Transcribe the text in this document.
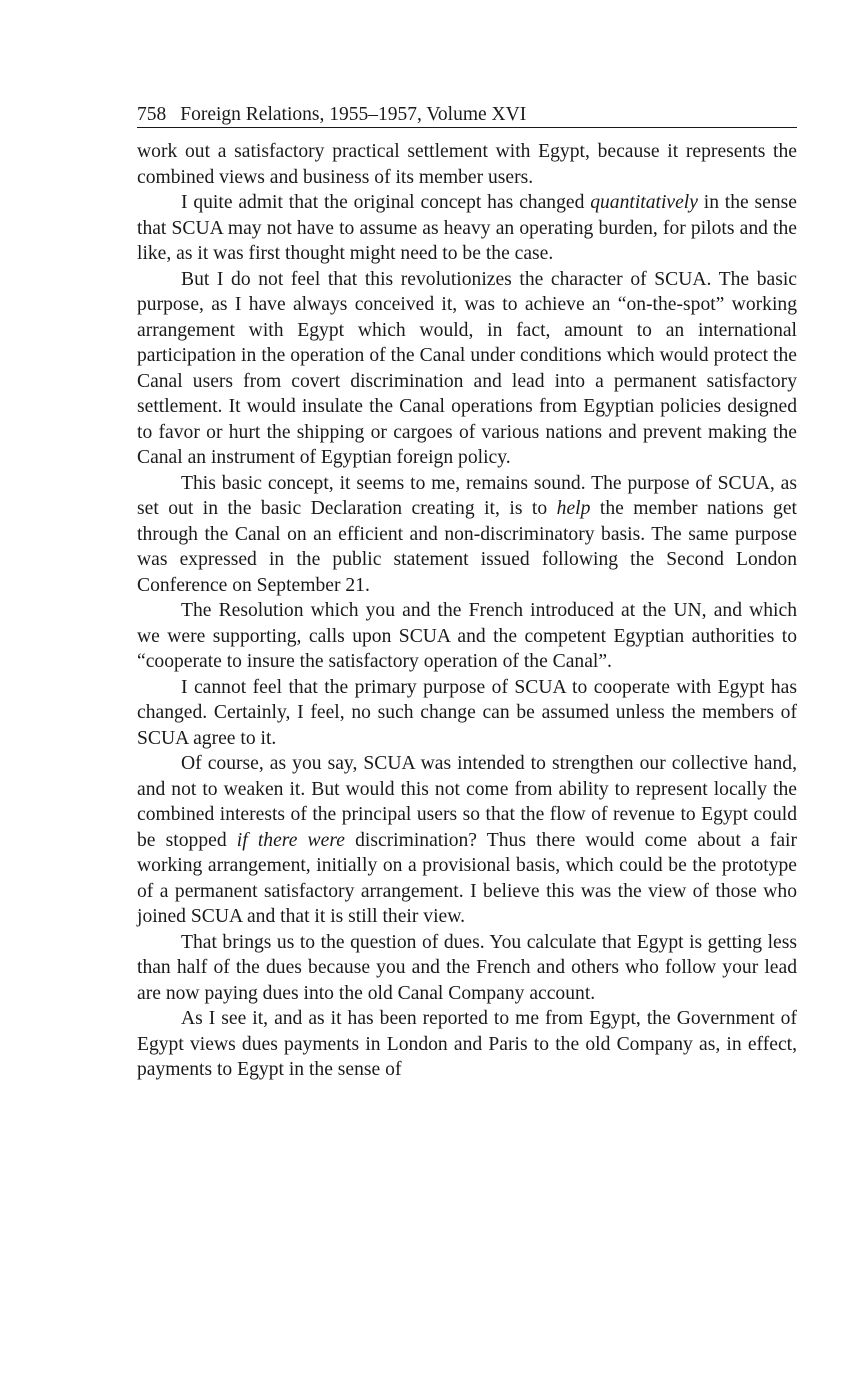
758 Foreign Relations, 1955–1957, Volume XVI

work out a satisfactory practical settlement with Egypt, because it represents the combined views and business of its member users.

I quite admit that the original concept has changed quantitatively in the sense that SCUA may not have to assume as heavy an operating burden, for pilots and the like, as it was first thought might need to be the case.

But I do not feel that this revolutionizes the character of SCUA. The basic purpose, as I have always conceived it, was to achieve an “on-the-spot” working arrangement with Egypt which would, in fact, amount to an international participation in the operation of the Canal under conditions which would protect the Canal users from covert discrimination and lead into a permanent satisfactory settlement. It would insulate the Canal operations from Egyptian policies designed to favor or hurt the shipping or cargoes of various nations and prevent making the Canal an instrument of Egyptian foreign policy.

This basic concept, it seems to me, remains sound. The purpose of SCUA, as set out in the basic Declaration creating it, is to help the member nations get through the Canal on an efficient and non-discriminatory basis. The same purpose was expressed in the public statement issued following the Second London Conference on September 21.

The Resolution which you and the French introduced at the UN, and which we were supporting, calls upon SCUA and the competent Egyptian authorities to “cooperate to insure the satisfactory operation of the Canal”.

I cannot feel that the primary purpose of SCUA to cooperate with Egypt has changed. Certainly, I feel, no such change can be assumed unless the members of SCUA agree to it.

Of course, as you say, SCUA was intended to strengthen our collective hand, and not to weaken it. But would this not come from ability to represent locally the combined interests of the principal users so that the flow of revenue to Egypt could be stopped if there were discrimination? Thus there would come about a fair working arrangement, initially on a provisional basis, which could be the prototype of a permanent satisfactory arrangement. I believe this was the view of those who joined SCUA and that it is still their view.

That brings us to the question of dues. You calculate that Egypt is getting less than half of the dues because you and the French and others who follow your lead are now paying dues into the old Canal Company account.

As I see it, and as it has been reported to me from Egypt, the Government of Egypt views dues payments in London and Paris to the old Company as, in effect, payments to Egypt in the sense of
